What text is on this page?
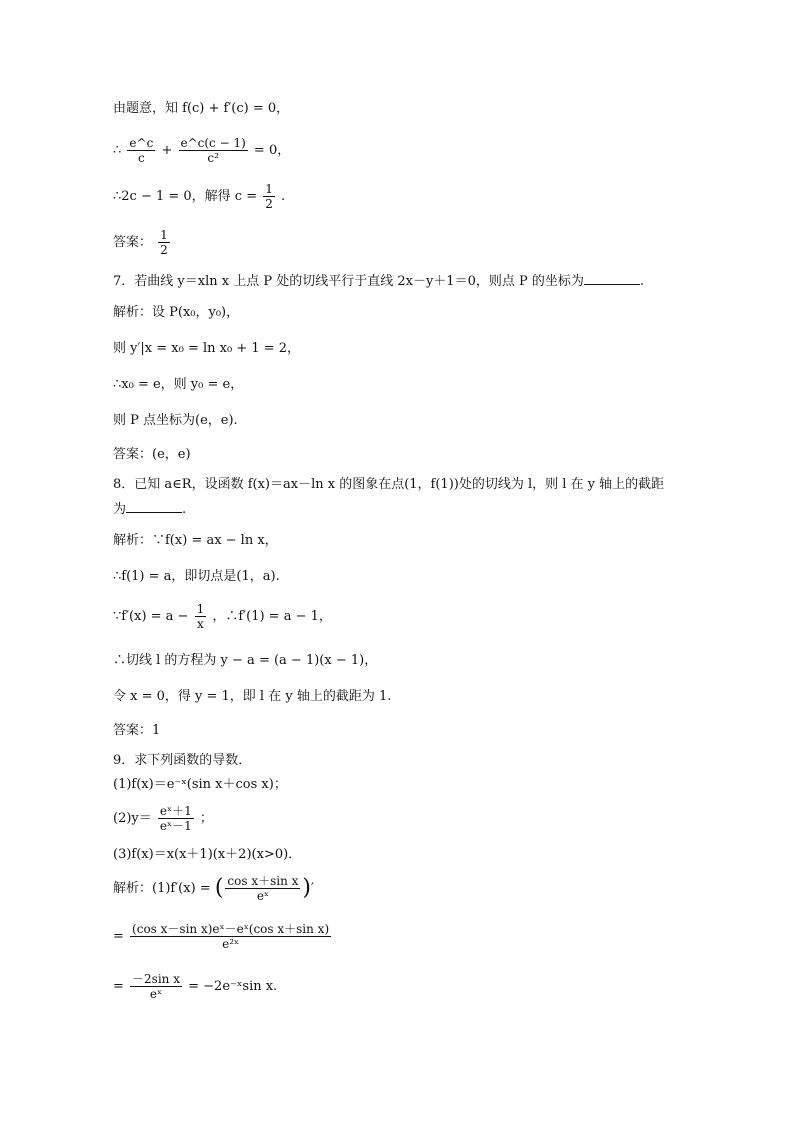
由题意，知 f(c) + f′(c) = 0，
∴ $\frac{e\^{}c}{c} + \frac{e\^{}c(c - 1)}{\text{c²}} = 0$，
∴2c − 1 = 0，解得 $c = \frac{1}{2}$ .
答案： $\frac{1}{2}$
7．若曲线 y＝xln x 上点 P 处的切线平行于直线 2x－y＋1＝0，则点 P 的坐标为	.
解析：设 P(x₀，y₀)，
则 y′|x = x₀ = ln x₀ + 1 = 2，
∴x₀ = e，则 y₀ = e，
则 P 点坐标为(e，e).
答案：(e，e)
8．已知 a∈R，设函数 f(x)＝ax－ln x 的图象在点(1，f(1))处的切线为 l，则 l 在 y 轴上的截距
为	.
解析：∵f(x) = ax − ln x，
∴f(1) = a，即切点是(1，a).
∵f′(x) = $a - \frac{1}{x}$ ，∴f′(1) = a − 1，
∴切线 l 的方程为 y − a = (a − 1)(x − 1)，
令 x = 0，得 y = 1，即 l 在 y 轴上的截距为 1.
答案：1
9．求下列函数的导数．
(1)f(x)＝e⁻ˣ(sin x＋cos x)；
$(2)y= \frac{\text{eˣ＋1}}{\text{eˣ－1}}$ ；
(3)f(x)＝x(x＋1)(x＋2)(x>0)．
解析：(1)f′(x) = ( $\frac{\text{cos x＋sin x}}{\text{eˣ}}$ )′
= $\frac{\text{(cos x－sin x)eˣ－eˣ(cos x＋sin x)}}{\text{e²ˣ}}$
= $\frac{\text{－2sin x}}{\text{eˣ}}$ = −2e⁻ˣsin x.
